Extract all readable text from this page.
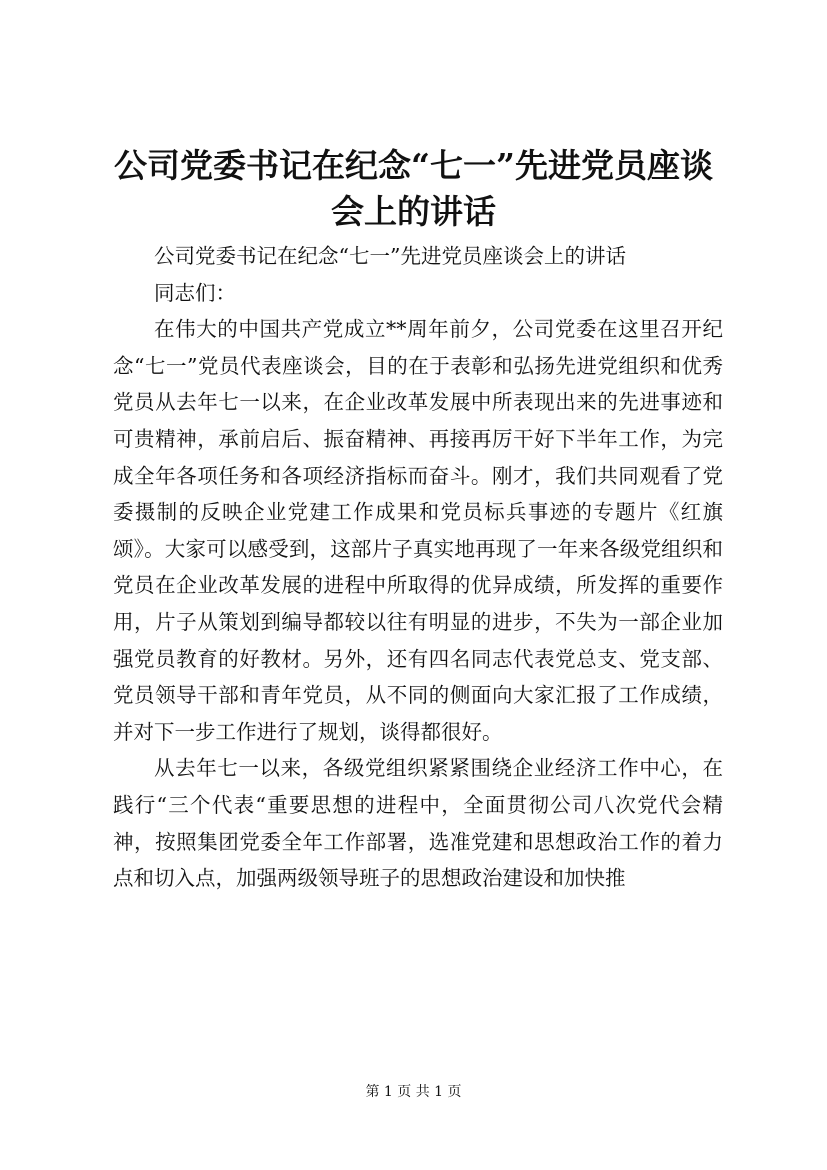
公司党委书记在纪念“七一”先进党员座谈会上的讲话

公司党委书记在纪念“七一”先进党员座谈会上的讲话

同志们：

在伟大的中国共产党成立**周年前夕，公司党委在这里召开纪念“七一”党员代表座谈会，目的在于表彰和弘扬先进党组织和优秀党员从去年七一以来，在企业改革发展中所表现出来的先进事迹和可贵精神，承前启后、振奋精神、再接再厉干好下半年工作，为完成全年各项任务和各项经济指标而奋斗。刚才，我们共同观看了党委摄制的反映企业党建工作成果和党员标兵事迹的专题片《红旗颂》。大家可以感受到，这部片子真实地再现了一年来各级党组织和党员在企业改革发展的进程中所取得的优异成绩，所发挥的重要作用，片子从策划到编导都较以往有明显的进步，不失为一部企业加强党员教育的好教材。另外，还有四名同志代表党总支、党支部、党员领导干部和青年党员，从不同的侧面向大家汇报了工作成绩，并对下一步工作进行了规划，谈得都很好。

从去年七一以来，各级党组织紧紧围绕企业经济工作中心，在践行“三个代表“重要思想的进程中，全面贯彻公司八次党代会精神，按照集团党委全年工作部署，选准党建和思想政治工作的着力点和切入点，加强两级领导班子的思想政治建设和加快推

第 1 页 共 1 页
